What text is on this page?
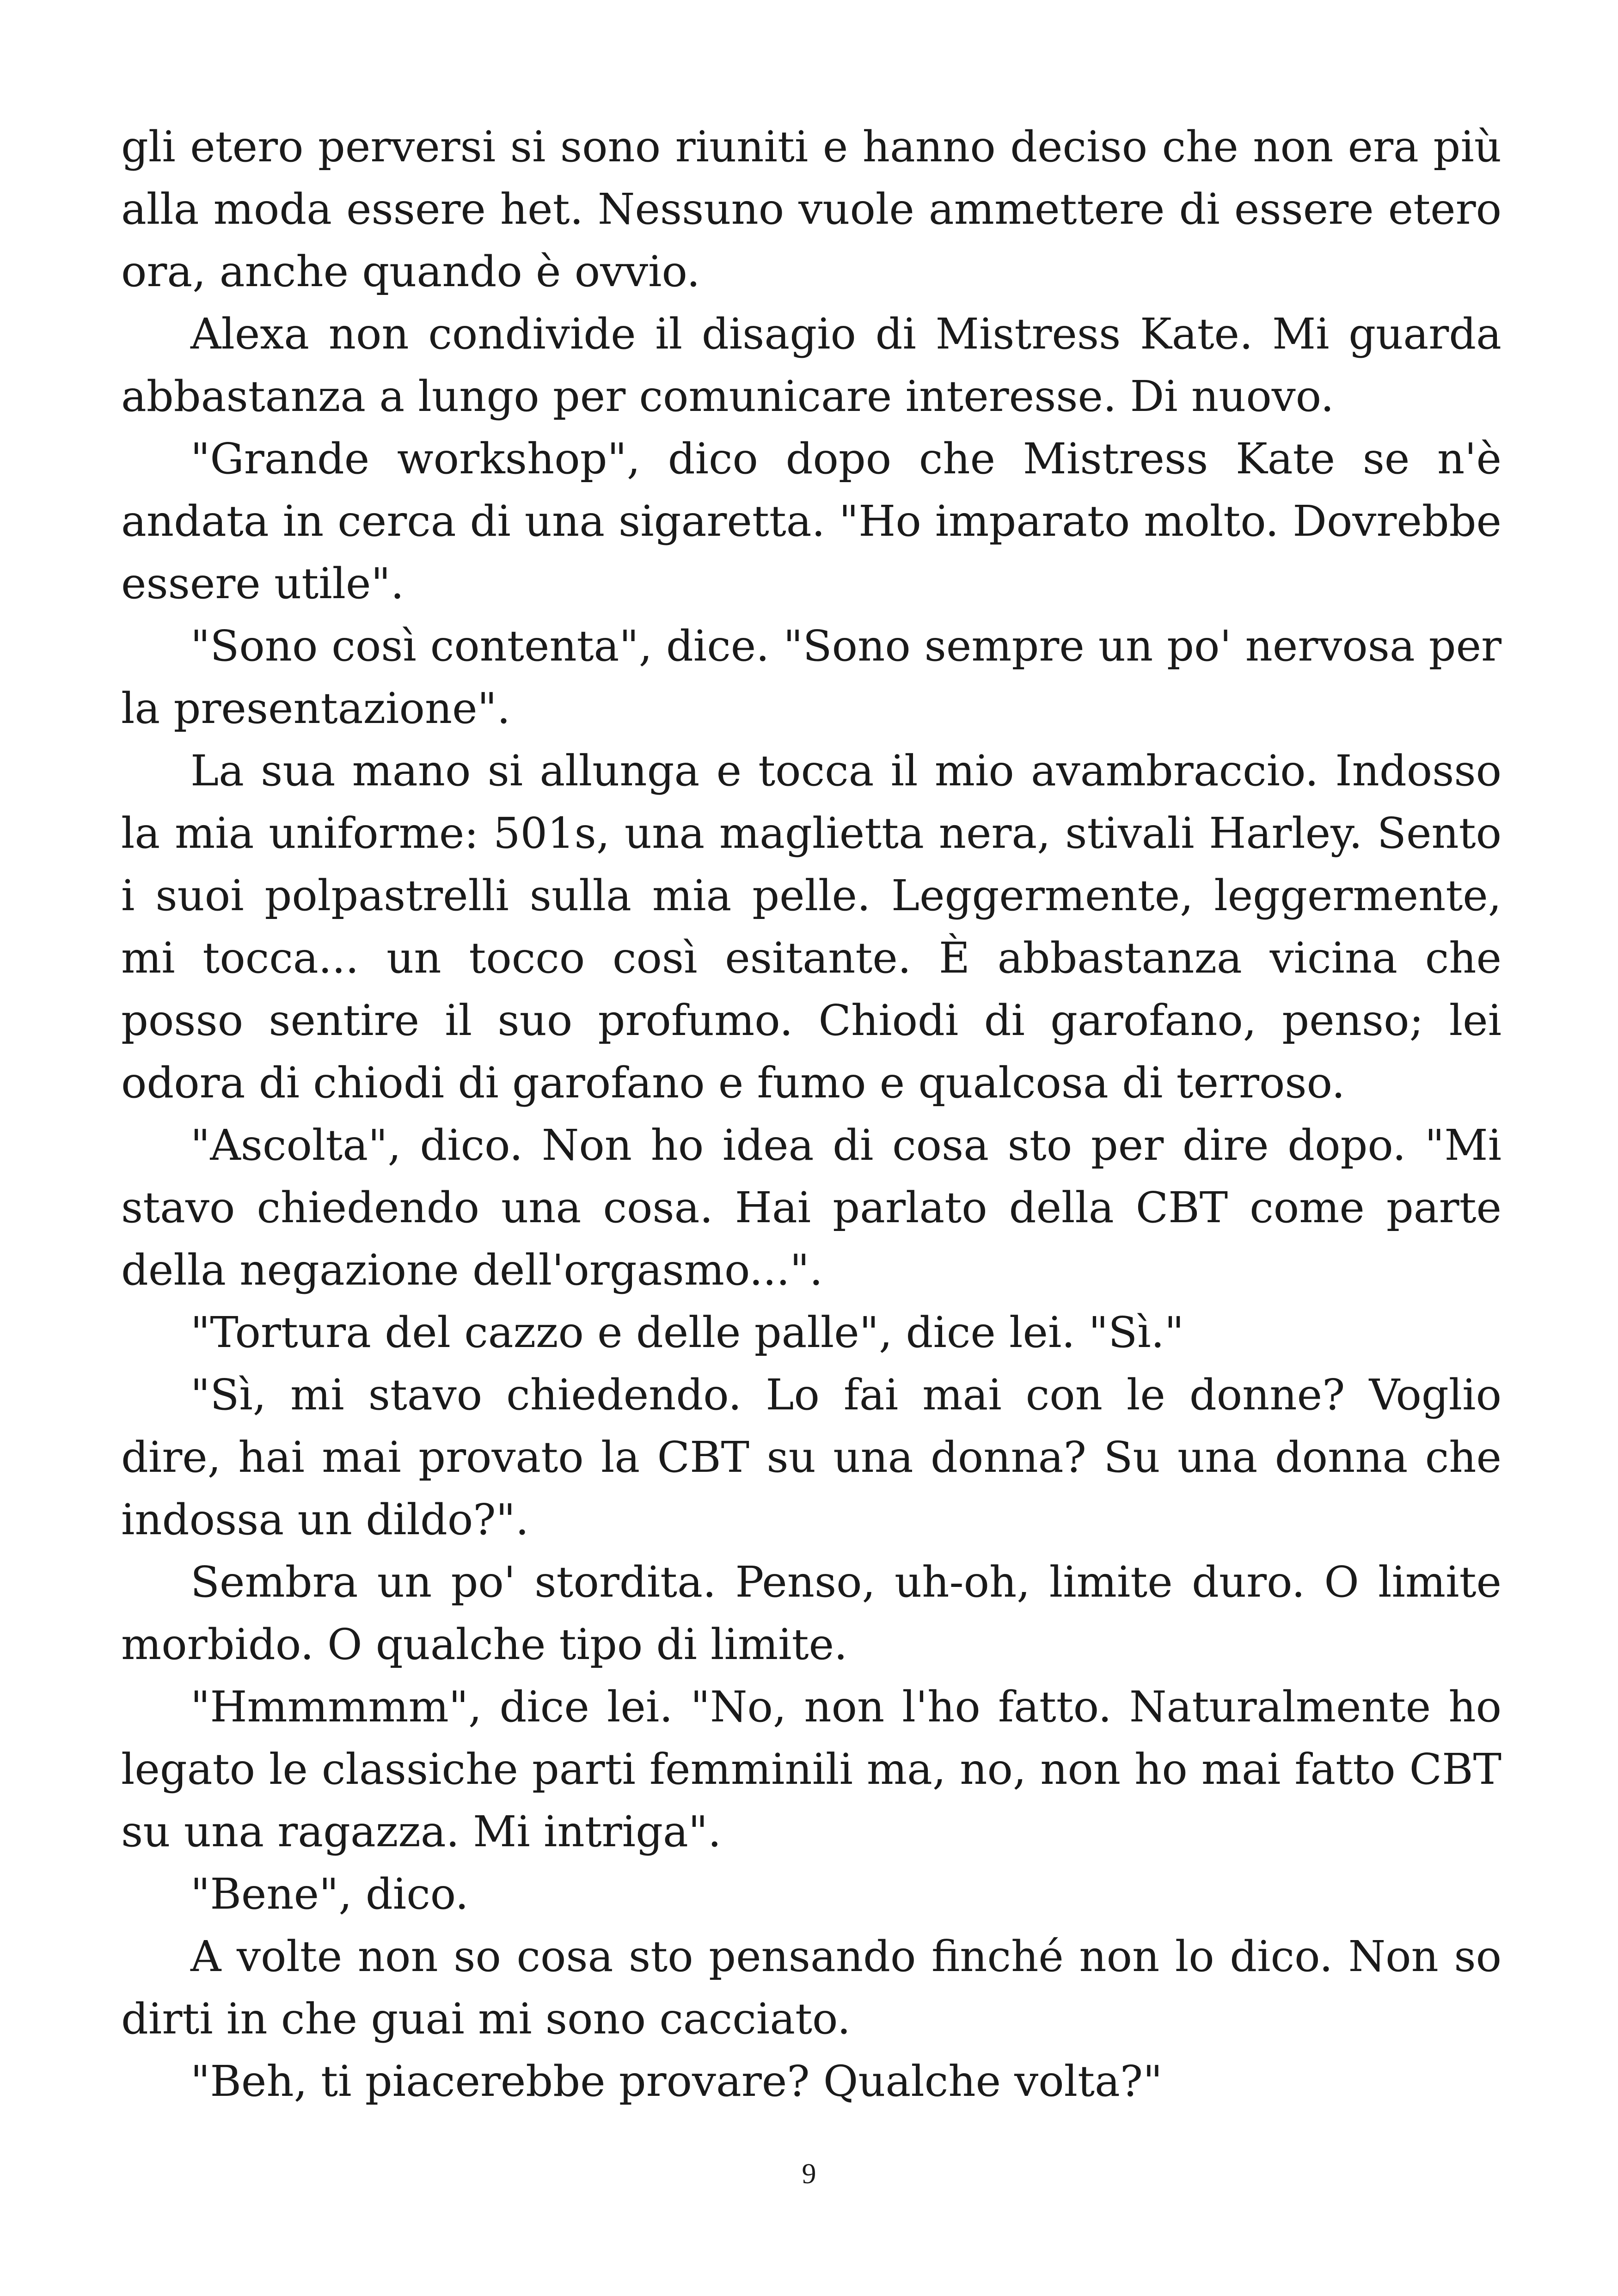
gli etero perversi si sono riuniti e hanno deciso che non era più alla moda essere het. Nessuno vuole ammettere di essere etero ora, anche quando è ovvio.

Alexa non condivide il disagio di Mistress Kate. Mi guarda abbastanza a lungo per comunicare interesse. Di nuovo.

"Grande workshop", dico dopo che Mistress Kate se n'è andata in cerca di una sigaretta. "Ho imparato molto. Dovrebbe essere utile".

"Sono così contenta", dice. "Sono sempre un po' nervosa per la presentazione".

La sua mano si allunga e tocca il mio avambraccio. Indosso la mia uniforme: 501s, una maglietta nera, stivali Harley. Sento i suoi polpastrelli sulla mia pelle. Leggermente, leggermente, mi tocca... un tocco così esitante. È abbastanza vicina che posso sentire il suo profumo. Chiodi di garofano, penso; lei odora di chiodi di garofano e fumo e qualcosa di terroso.

"Ascolta", dico. Non ho idea di cosa sto per dire dopo. "Mi stavo chiedendo una cosa. Hai parlato della CBT come parte della negazione dell'orgasmo...".

"Tortura del cazzo e delle palle", dice lei. "Sì."

"Sì, mi stavo chiedendo. Lo fai mai con le donne? Voglio dire, hai mai provato la CBT su una donna? Su una donna che indossa un dildo?".

Sembra un po' stordita. Penso, uh-oh, limite duro. O limite morbido. O qualche tipo di limite.

"Hmmmmm", dice lei. "No, non l'ho fatto. Naturalmente ho legato le classiche parti femminili ma, no, non ho mai fatto CBT su una ragazza. Mi intriga".

"Bene", dico.

A volte non so cosa sto pensando finché non lo dico. Non so dirti in che guai mi sono cacciato.

"Beh, ti piacerebbe provare? Qualche volta?"

9
